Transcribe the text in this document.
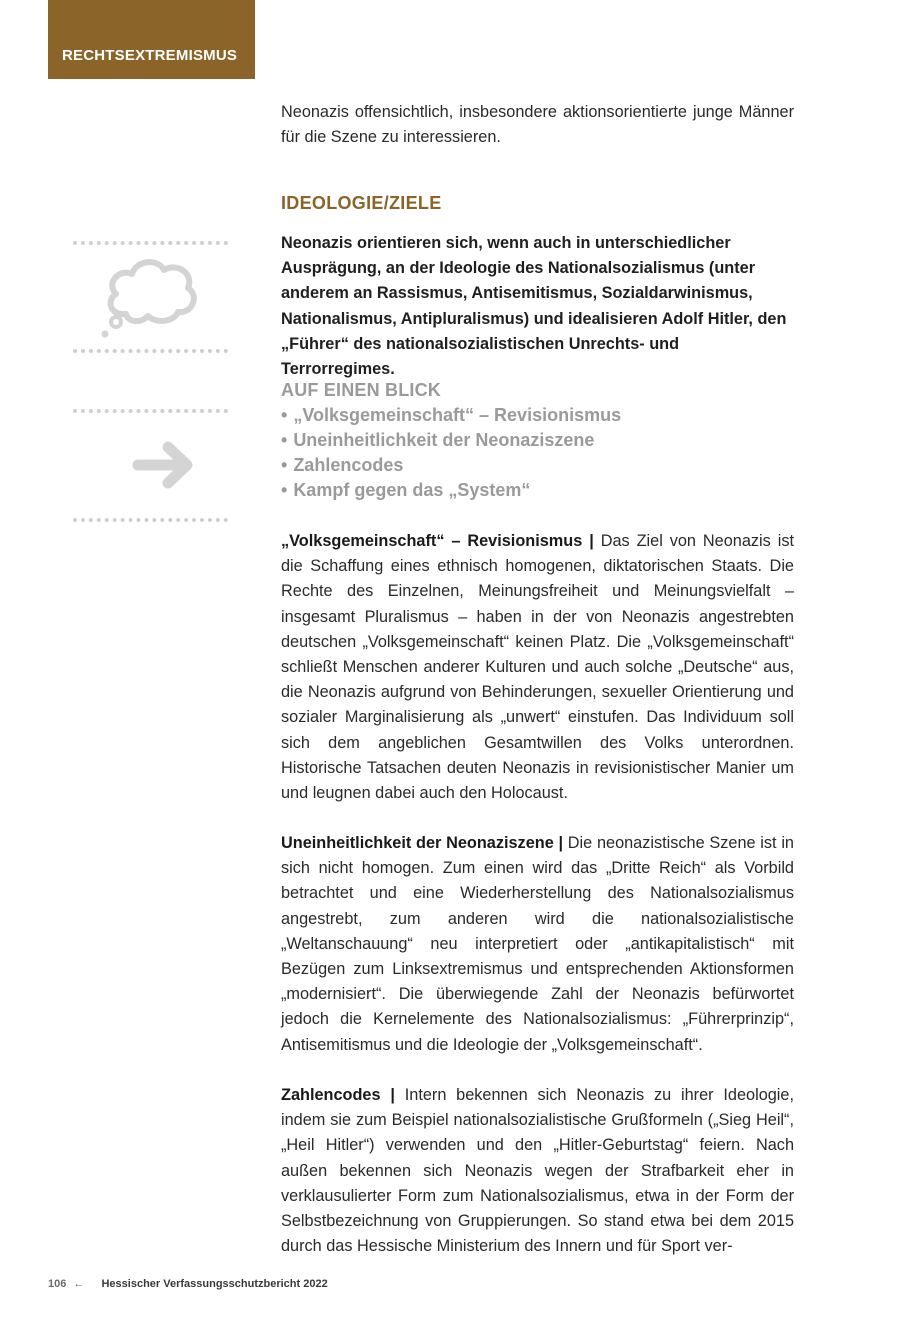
RECHTSEXTREMISMUS

Neonazis offensichtlich, insbesondere aktionsorientierte junge Männer für die Szene zu interessieren.

IDEOLOGIE/ZIELE

Neonazis orientieren sich, wenn auch in unterschiedlicher Ausprägung, an der Ideologie des Nationalsozialismus (unter anderem an Rassismus, Antisemitismus, Sozialdarwinismus, Nationalismus, Antipluralismus) und idealisieren Adolf Hitler, den „Führer“ des nationalsozialistischen Unrechts- und Terrorregimes.

AUF EINEN BLICK
• „Volksgemeinschaft“ – Revisionismus
• Uneinheitlichkeit der Neonaziszene
• Zahlencodes
• Kampf gegen das „System“

„Volksgemeinschaft“ – Revisionismus | Das Ziel von Neonazis ist die Schaffung eines ethnisch homogenen, diktatorischen Staats. Die Rechte des Einzelnen, Meinungsfreiheit und Meinungsvielfalt – insgesamt Pluralismus – haben in der von Neonazis angestrebten deutschen „Volksgemeinschaft“ keinen Platz. Die „Volksgemeinschaft“ schließt Menschen anderer Kulturen und auch solche „Deutsche“ aus, die Neonazis aufgrund von Behinderungen, sexueller Orientierung und sozialer Marginalisierung als „unwert“ einstufen. Das Individuum soll sich dem angeblichen Gesamtwillen des Volks unterordnen. Historische Tatsachen deuten Neonazis in revisionistischer Manier um und leugnen dabei auch den Holocaust.

Uneinheitlichkeit der Neonaziszene | Die neonazistische Szene ist in sich nicht homogen. Zum einen wird das „Dritte Reich“ als Vorbild betrachtet und eine Wiederherstellung des Nationalsozialismus angestrebt, zum anderen wird die nationalsozialistische „Weltanschauung“ neu interpretiert oder „antikapitalistisch“ mit Bezügen zum Linksextremismus und entsprechenden Aktionsformen „modernisiert“. Die überwiegende Zahl der Neonazis befürwortet jedoch die Kernelemente des Nationalsozialismus: „Führerprinzip“, Antisemitismus und die Ideologie der „Volksgemeinschaft“.

Zahlencodes | Intern bekennen sich Neonazis zu ihrer Ideologie, indem sie zum Beispiel nationalsozialistische Grußformeln („Sieg Heil“, „Heil Hitler“) verwenden und den „Hitler-Geburtstag“ feiern. Nach außen bekennen sich Neonazis wegen der Strafbarkeit eher in verklausulierter Form zum Nationalsozialismus, etwa in der Form der Selbstbezeichnung von Gruppierungen. So stand etwa bei dem 2015 durch das Hessische Ministerium des Innern und für Sport ver-

106 ← Hessischer Verfassungsschutzbericht 2022
